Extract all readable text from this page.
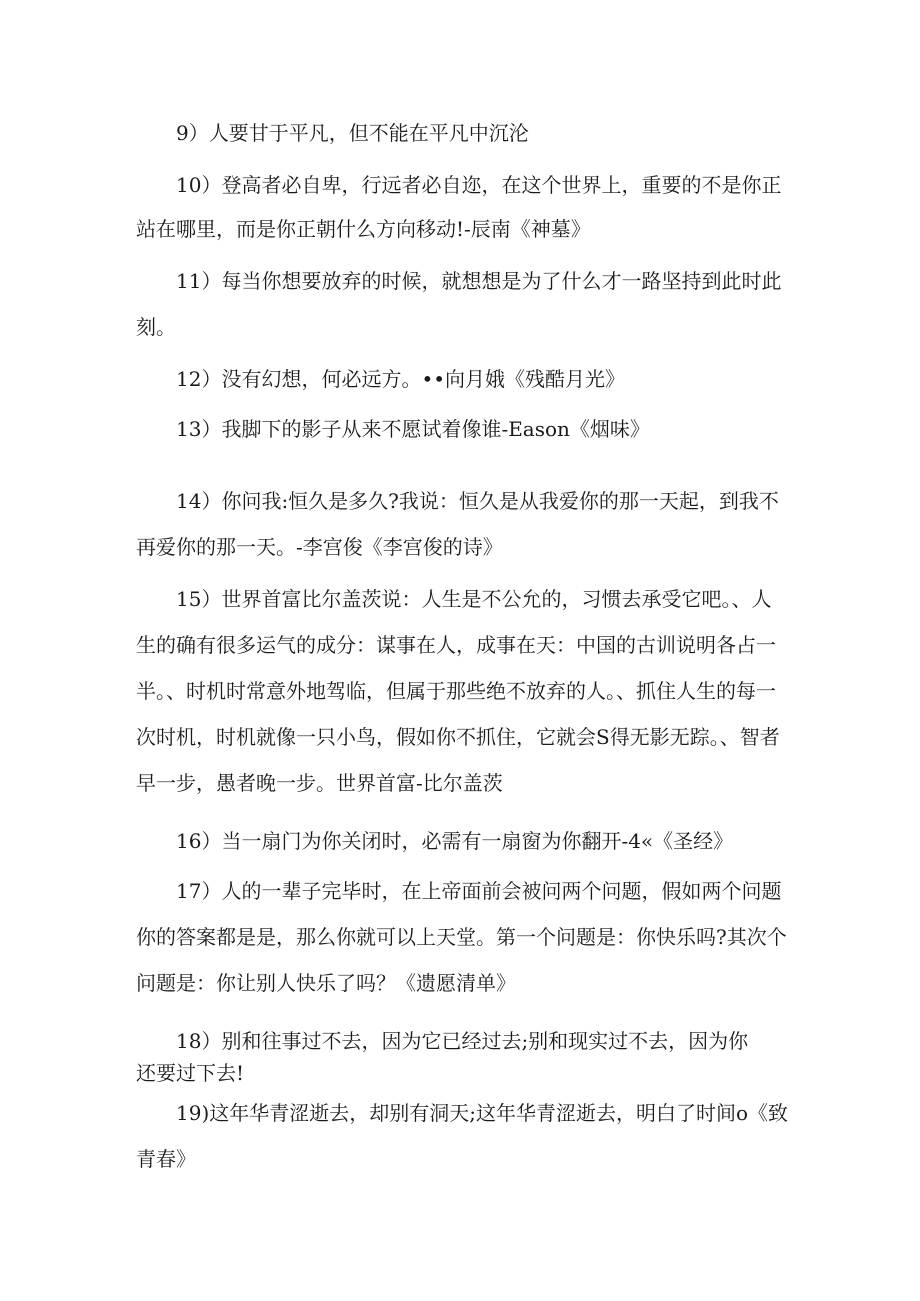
9）人要甘于平凡，但不能在平凡中沉沦
10）登高者必自卑，行远者必自迩，在这个世界上，重要的不是你正
站在哪里，而是你正朝什么方向移动!-辰南《神墓》
11）每当你想要放弃的时候，就想想是为了什么才一路坚持到此时此
刻。
12）没有幻想，何必远方。••向月娥《残酷月光》
13）我脚下的影子从来不愿试着像谁-Eason《烟味》
14）你问我:恒久是多久?我说：恒久是从我爱你的那一天起，到我不
再爱你的那一天。-李宫俊《李宫俊的诗》
15）世界首富比尔盖茨说：人生是不公允的，习惯去承受它吧。、人
生的确有很多运气的成分：谋事在人，成事在天：中国的古训说明各占一
半。、时机时常意外地驾临，但属于那些绝不放弃的人。、抓住人生的每一
次时机，时机就像一只小鸟，假如你不抓住，它就会S得无影无踪。、智者
早一步，愚者晚一步。世界首富-比尔盖茨
16）当一扇门为你关闭时，必需有一扇窗为你翻开-4«《圣经》
17）人的一辈子完毕时，在上帝面前会被问两个问题，假如两个问题
你的答案都是是，那么你就可以上天堂。第一个问题是：你快乐吗?其次个
问题是：你让别人快乐了吗？《遗愿清单》
18）别和往事过不去，因为它已经过去;别和现实过不去，因为你
还要过下去!
19)这年华青涩逝去，却别有洞天;这年华青涩逝去，明白了时间o《致
青春》
